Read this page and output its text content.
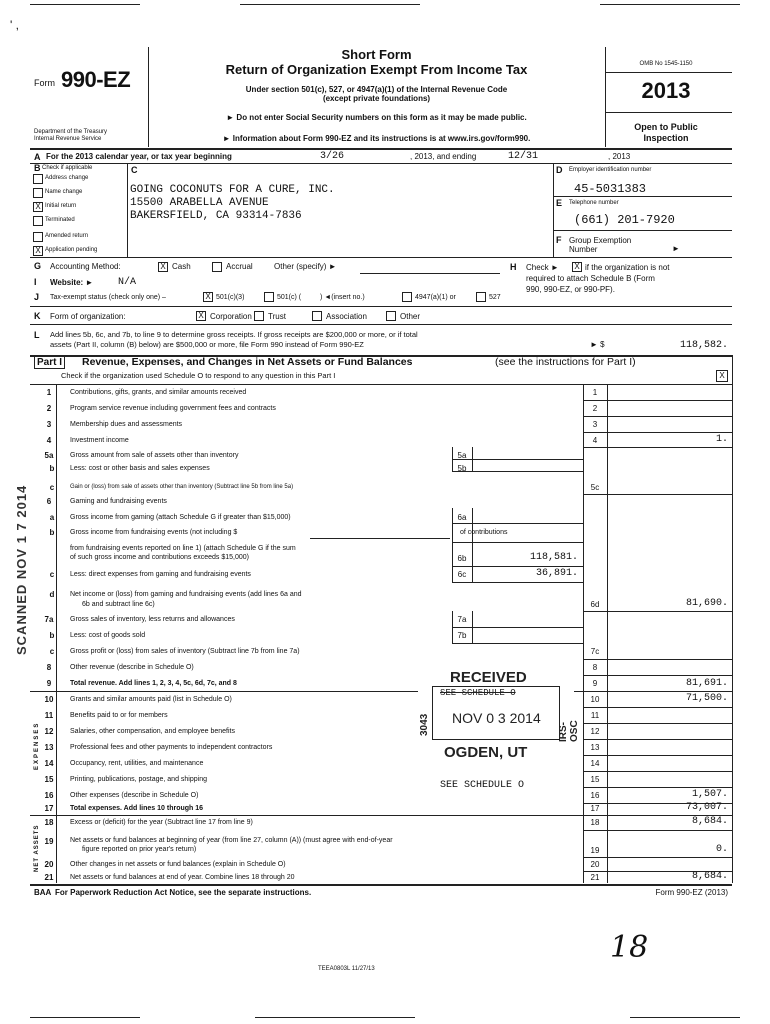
' ,
Form 990-EZ
Department of the Treasury
Internal Revenue Service
Short Form
Return of Organization Exempt From Income Tax
Under section 501(c), 527, or 4947(a)(1) of the Internal Revenue Code
(except private foundations)
► Do not enter Social Security numbers on this form as it may be made public.
► Information about Form 990-EZ and its instructions is at www.irs.gov/form990.
OMB No 1545-1150
2013
Open to Public
Inspection
A For the 2013 calendar year, or tax year beginning	3/26	, 2013, and ending	12/31	, 2013
B Check if applicable
Address change
Name change
X Initial return
Terminated
Amended return
X Application pending
C
GOING COCONUTS FOR A CURE, INC.
15500 ARABELLA AVENUE
BAKERSFIELD, CA 93314-7836
D Employer identification number
45-5031383
E Telephone number
(661) 201-7920
F Group Exemption
Number	►
G Accounting Method:	X Cash	Accrual	Other (specify) ►	H Check ► X if the organization is not
required to attach Schedule B (Form
990, 990-EZ, or 990-PF).
I Website: ► N/A
J Tax-exempt status (check only one) –	X 501(c)(3)	501(c) (	) ◄(insert no.)	4947(a)(1) or	527
K Form of organization:	X Corporation Trust	Association	Other
L Add lines 5b, 6c, and 7b, to line 9 to determine gross receipts. If gross receipts are $200,000 or more, or if total
assets (Part II, column (B) below) are $500,000 or more, file Form 990 instead of Form 990-EZ	► $	118,582.
Part I Revenue, Expenses, and Changes in Net Assets or Fund Balances	(see the instructions for Part I)
Check if the organization used Schedule O to respond to any question in this Part I	X
1	Contributions, gifts, grants, and similar amounts received	1
2	Program service revenue including government fees and contracts	2
3	Membership dues and assessments	3
4	Investment income	4	1.
5a	Gross amount from sale of assets other than inventory	5a
b	Less: cost or other basis and sales expenses	5b
c	Gain or (loss) from sale of assets other than inventory (Subtract line 5b from line 5a)	5c
6	Gaming and fundraising events
a	Gross income from gaming (attach Schedule G if greater than $15,000)	6a
b	Gross income from fundraising events (not including $	of contributions
from fundraising events reported on line 1) (attach Schedule G if the sum
of such gross income and contributions exceeds $15,000)	6b	118,581.
c	Less: direct expenses from gaming and fundraising events	6c	36,891.
d	Net income or (loss) from gaming and fundraising events (add lines 6a and
6b and subtract line 6c)	6d	81,690.
7a	Gross sales of inventory, less returns and allowances	7a
b	Less: cost of goods sold	7b
c	Gross profit or (loss) from sales of inventory (Subtract line 7b from line 7a)	7c
8	Other revenue (describe in Schedule O)	8
9	Total revenue. Add lines 1, 2, 3, 4, 5c, 6d, 7c, and 8	9	81,691.
10	Grants and similar amounts paid (list in Schedule O)	10	71,500.
11	Benefits paid to or for members	11
12	Salaries, other compensation, and employee benefits	12
13	Professional fees and other payments to independent contractors	13
14	Occupancy, rent, utilities, and maintenance	14
15	Printing, publications, postage, and shipping	15
16	Other expenses (describe in Schedule O)
SEE SCHEDULE O
16	1,507.
17	Total expenses. Add lines 10 through 16	17	73,007.
18	Excess or (deficit) for the year (Subtract line 17 from line 9)	18	8,684.
19	Net assets or fund balances at beginning of year (from line 27, column (A)) (must agree with end-of-year
figure reported on prior year's return)	19	0.
20	Other changes in net assets or fund balances (explain in Schedule O)	20
21	Net assets or fund balances at end of year. Combine lines 18 through 20	21	8,684.
SCANNED NOV 1 7 2014
EXPENSES
NET ASSETS
RECEIVED
SEE SCHEDULE O
NOV 0 3 2014
3043	IRS-OSC
OGDEN, UT
BAA For Paperwork Reduction Act Notice, see the separate instructions.	Form 990-EZ (2013)
18
TEEA0803L 11/27/13
